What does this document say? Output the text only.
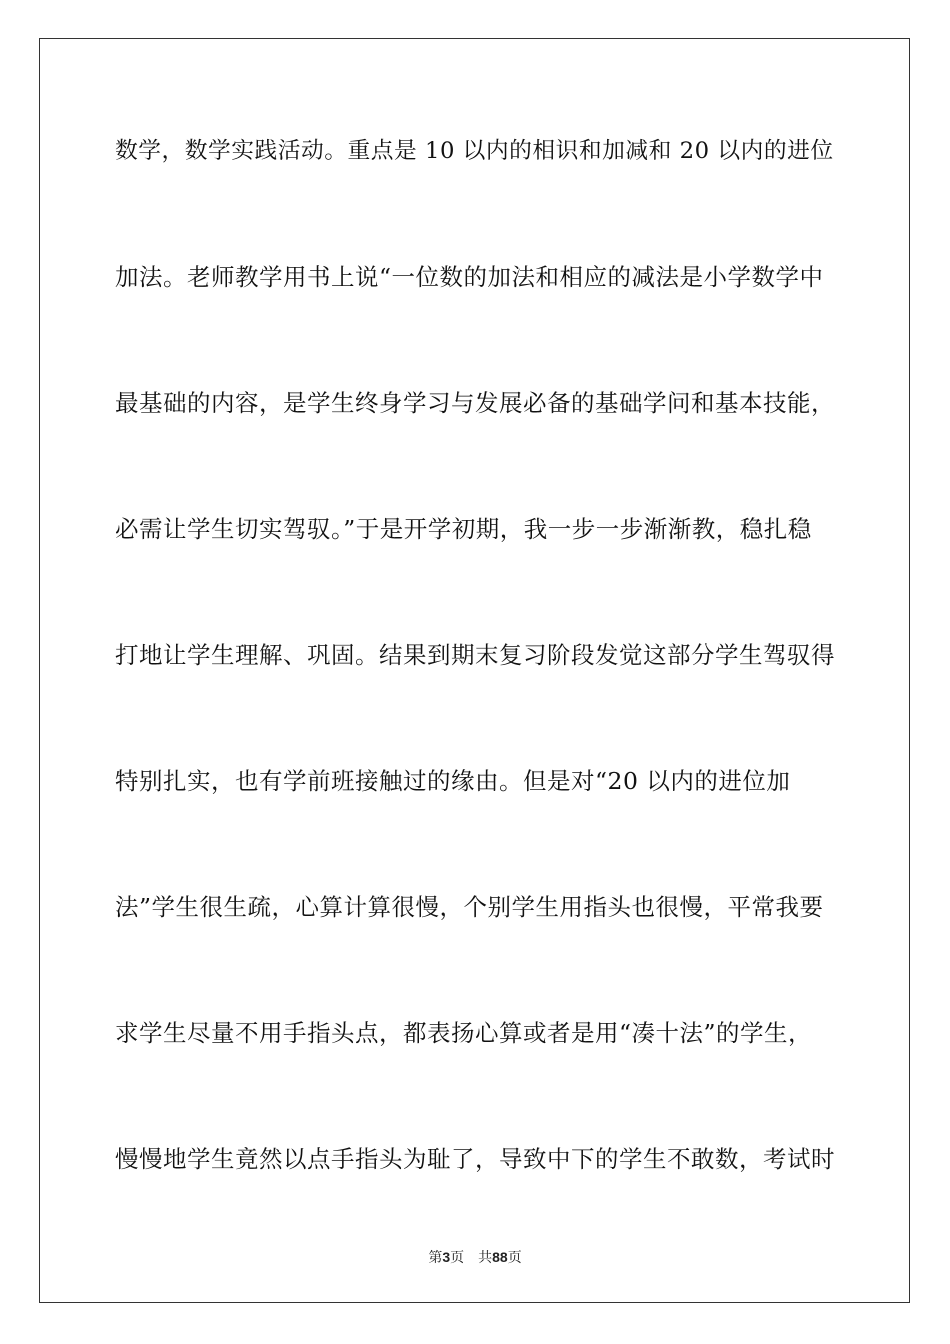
数学，数学实践活动。重点是 10 以内的相识和加减和 20 以内的进位
加法。老师教学用书上说“一位数的加法和相应的减法是小学数学中
最基础的内容，是学生终身学习与发展必备的基础学问和基本技能，
必需让学生切实驾驭。”于是开学初期，我一步一步渐渐教，稳扎稳
打地让学生理解、巩固。结果到期末复习阶段发觉这部分学生驾驭得
特别扎实，也有学前班接触过的缘由。但是对“20 以内的进位加
法”学生很生疏，心算计算很慢，个别学生用指头也很慢，平常我要
求学生尽量不用手指头点，都表扬心算或者是用“凑十法”的学生，
慢慢地学生竟然以点手指头为耻了，导致中下的学生不敢数，考试时
第3页 共88页
